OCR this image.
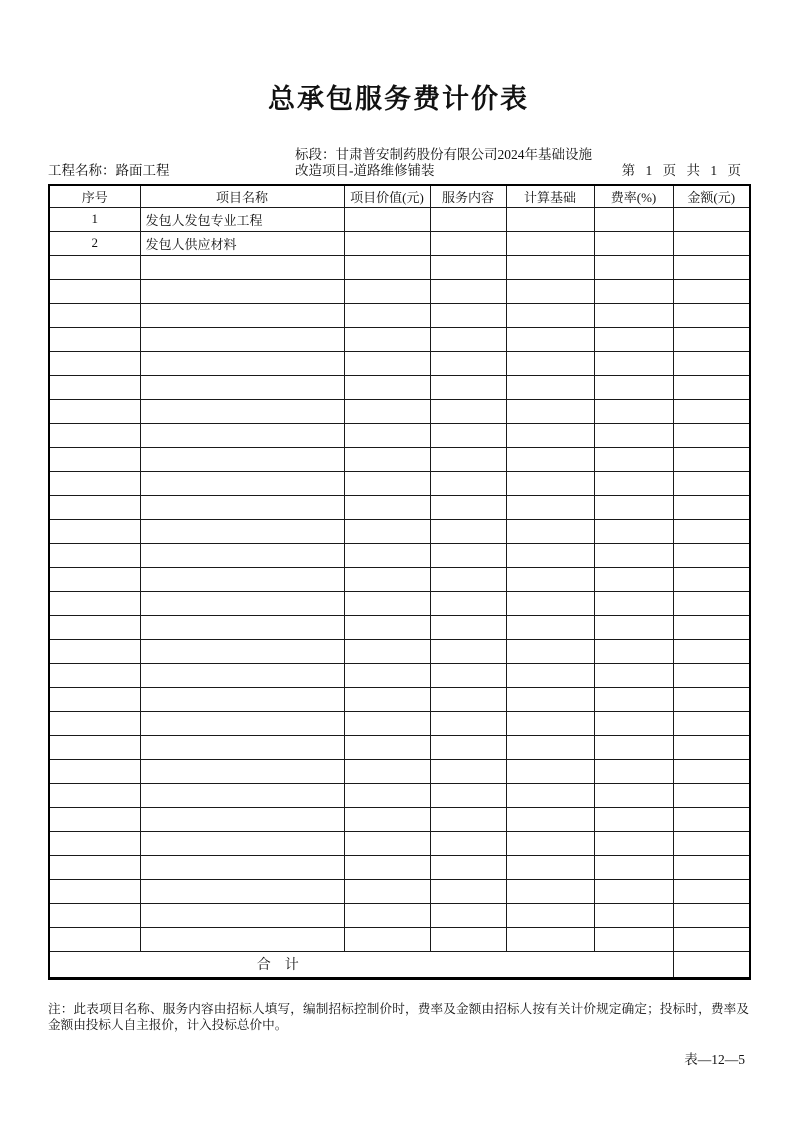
总承包服务费计价表
工程名称：路面工程
标段：甘肃普安制药股份有限公司2024年基础设施
改造项目-道路维修铺装	第 1 页 共 1 页
序号	项目名称	项目价值(元)	服务内容	计算基础	费率(%)	金额(元)
1	发包人发包专业工程					
2	发包人供应材料					

合    计						

注：此表项目名称、服务内容由招标人填写，编制招标控制价时，费率及金额由招标人按有关计价规定确定；投标时，费率及金额由投标人自主报价，计入投标总价中。

表—12—5
